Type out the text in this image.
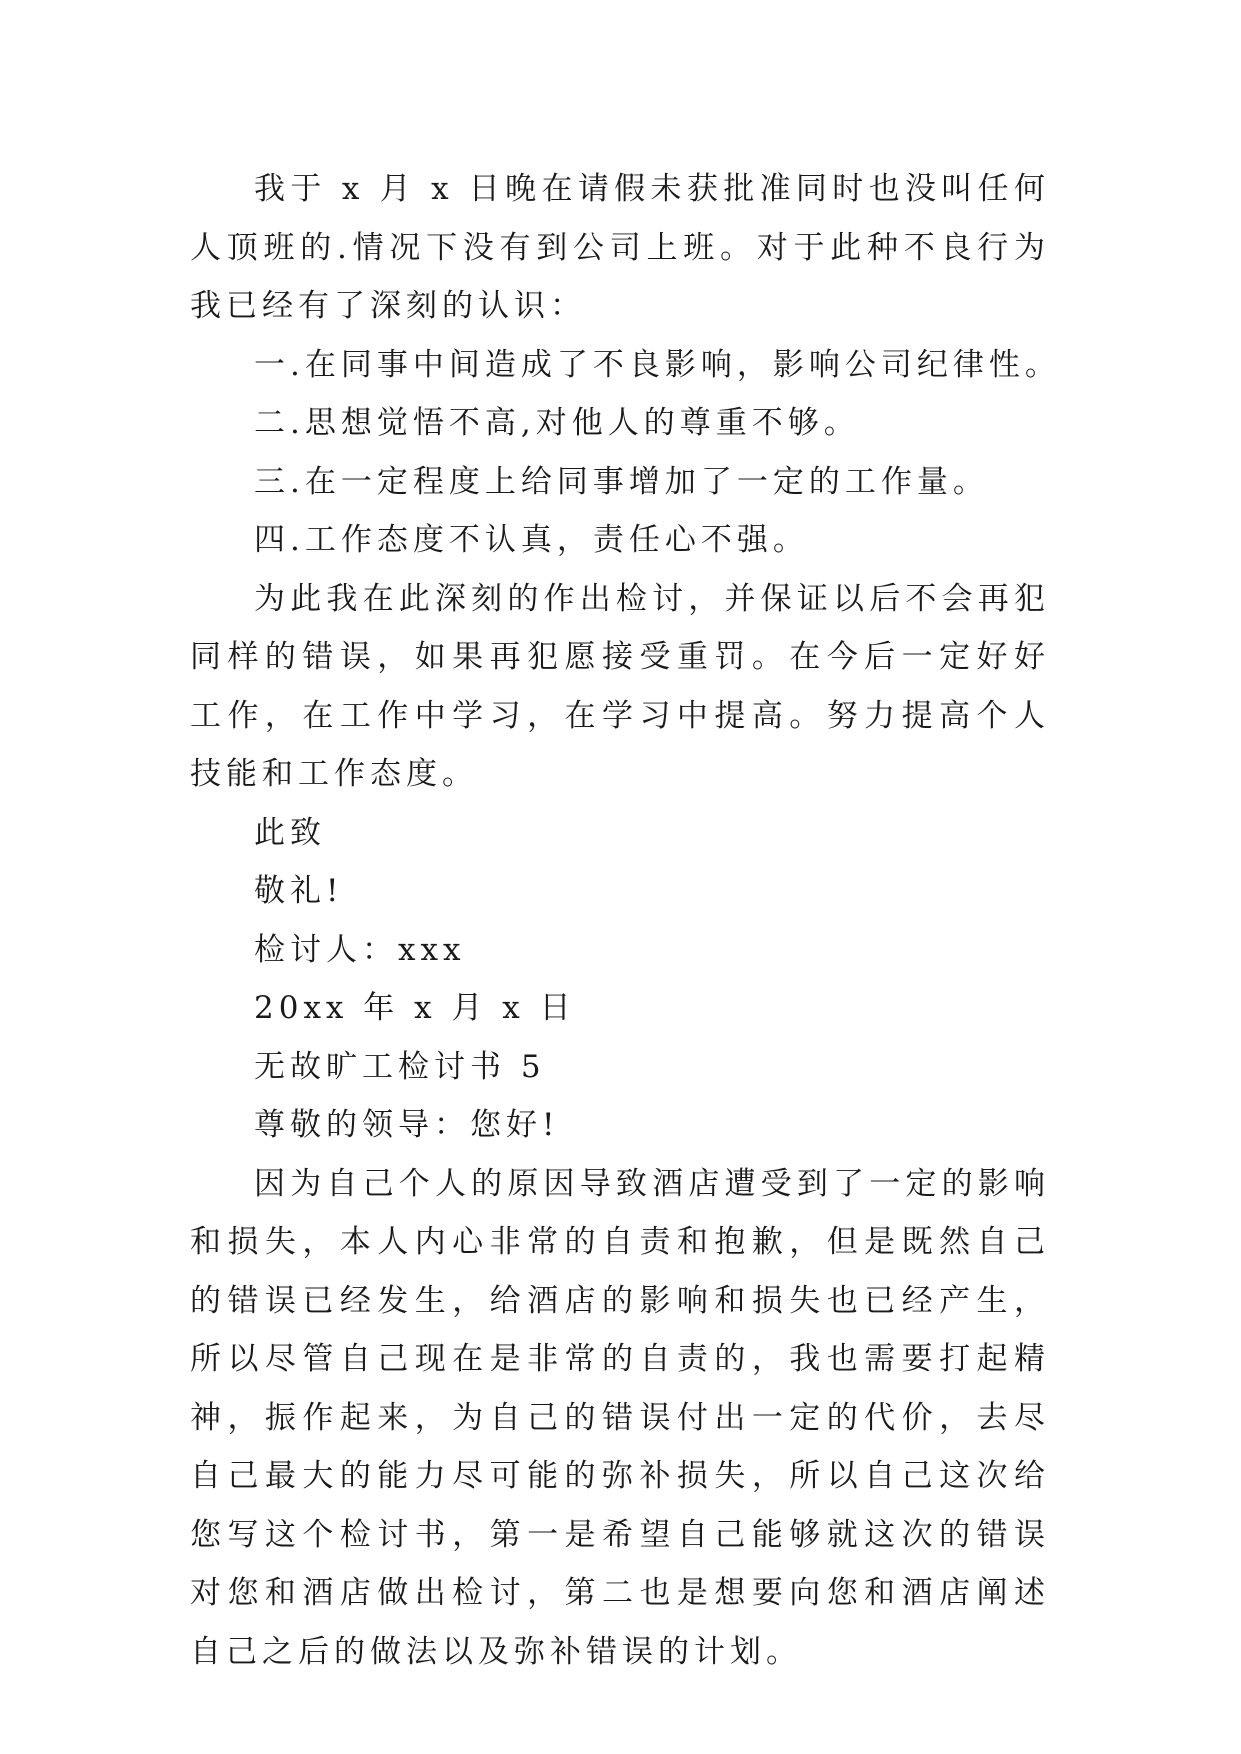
我于 x 月 x 日晚在请假未获批准同时也没叫任何人顶班的.情况下没有到公司上班。对于此种不良行为我已经有了深刻的认识：

一.在同事中间造成了不良影响，影响公司纪律性。

二.思想觉悟不高,对他人的尊重不够。

三.在一定程度上给同事增加了一定的工作量。

四.工作态度不认真，责任心不强。

为此我在此深刻的作出检讨，并保证以后不会再犯同样的错误，如果再犯愿接受重罚。在今后一定好好工作，在工作中学习，在学习中提高。努力提高个人技能和工作态度。

此致

敬礼!

检讨人：xxx

20xx 年 x 月 x 日

无故旷工检讨书 5

尊敬的领导：您好!

因为自己个人的原因导致酒店遭受到了一定的影响和损失，本人内心非常的自责和抱歉，但是既然自己的错误已经发生，给酒店的影响和损失也已经产生，所以尽管自己现在是非常的自责的，我也需要打起精神，振作起来，为自己的错误付出一定的代价，去尽自己最大的能力尽可能的弥补损失，所以自己这次给您写这个检讨书，第一是希望自己能够就这次的错误对您和酒店做出检讨，第二也是想要向您和酒店阐述自己之后的做法以及弥补错误的计划。
